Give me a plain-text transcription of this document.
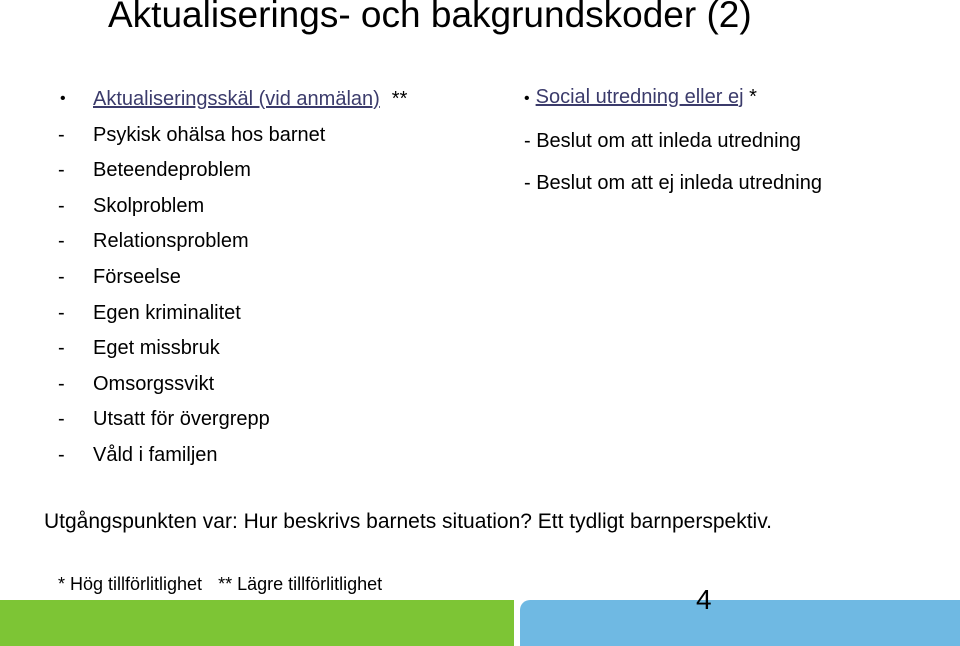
Aktualiserings- och bakgrundskoder (2)
•	Aktualiseringsskäl (vid anmälan) **
-	Psykisk ohälsa hos barnet
-	Beteendeproblem
-	Skolproblem
-	Relationsproblem
-	Förseelse
-	Egen kriminalitet
-	Eget missbruk
-	Omsorgssvikt
-	Utsatt för övergrepp
-	Våld i familjen
• Social utredning eller ej *
- Beslut om att inleda utredning
- Beslut om att ej inleda utredning
Utgångspunkten var: Hur beskrivs barnets situation? Ett tydligt barnperspektiv.
* Hög tillförlitlighet ** Lägre tillförlitlighet	4
